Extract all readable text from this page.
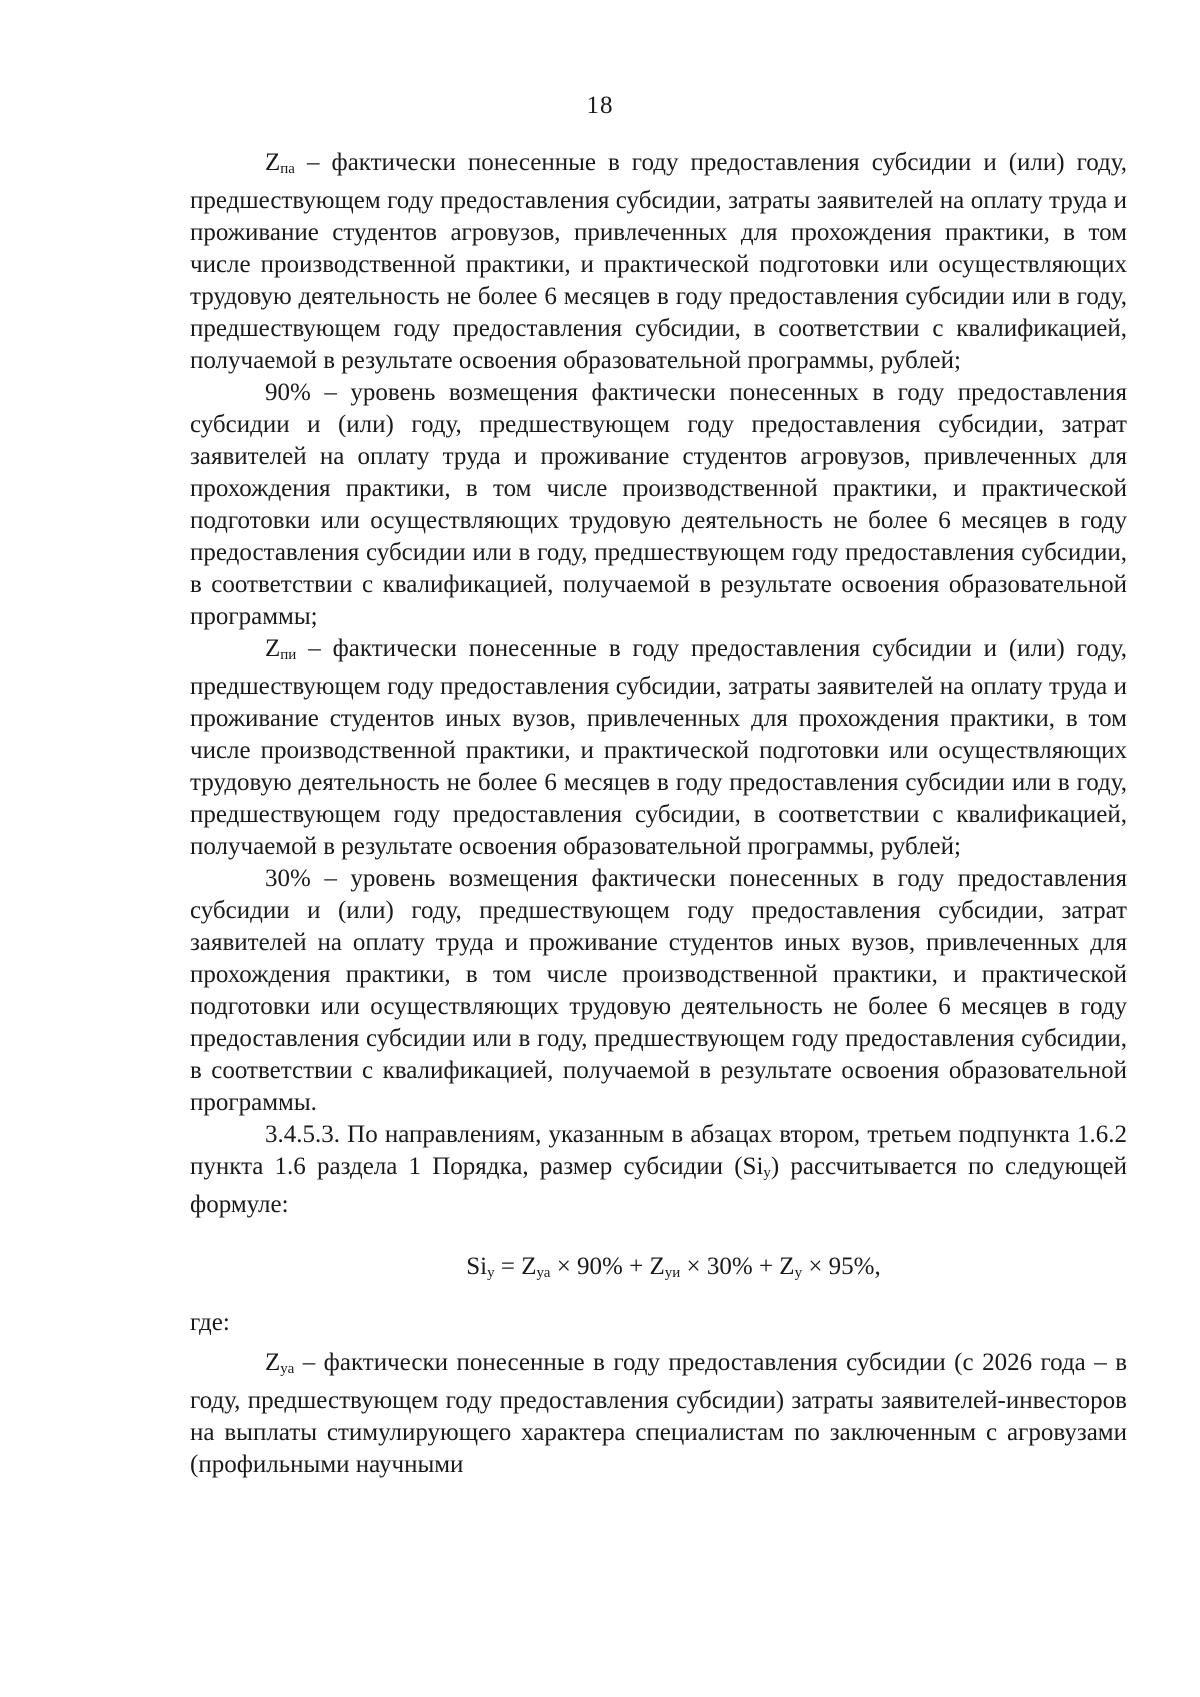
18

$Z_{па}$ – фактически понесенные в году предоставления субсидии и (или) году, предшествующем году предоставления субсидии, затраты заявителей на оплату труда и проживание студентов агровузов, привлеченных для прохождения практики, в том числе производственной практики, и практической подготовки или осуществляющих трудовую деятельность не более 6 месяцев в году предоставления субсидии или в году, предшествующем году предоставления субсидии, в соответствии с квалификацией, получаемой в результате освоения образовательной программы, рублей;

90% – уровень возмещения фактически понесенных в году предоставления субсидии и (или) году, предшествующем году предоставления субсидии, затрат заявителей на оплату труда и проживание студентов агровузов, привлеченных для прохождения практики, в том числе производственной практики, и практической подготовки или осуществляющих трудовую деятельность не более 6 месяцев в году предоставления субсидии или в году, предшествующем году предоставления субсидии, в соответствии с квалификацией, получаемой в результате освоения образовательной программы;

$Z_{пи}$ – фактически понесенные в году предоставления субсидии и (или) году, предшествующем году предоставления субсидии, затраты заявителей на оплату труда и проживание студентов иных вузов, привлеченных для прохождения практики, в том числе производственной практики, и практической подготовки или осуществляющих трудовую деятельность не более 6 месяцев в году предоставления субсидии или в году, предшествующем году предоставления субсидии, в соответствии с квалификацией, получаемой в результате освоения образовательной программы, рублей;

30% – уровень возмещения фактически понесенных в году предоставления субсидии и (или) году, предшествующем году предоставления субсидии, затрат заявителей на оплату труда и проживание студентов иных вузов, привлеченных для прохождения практики, в том числе производственной практики, и практической подготовки или осуществляющих трудовую деятельность не более 6 месяцев в году предоставления субсидии или в году, предшествующем году предоставления субсидии, в соответствии с квалификацией, получаемой в результате освоения образовательной программы.

3.4.5.3. По направлениям, указанным в абзацах втором, третьем подпункта 1.6.2 пункта 1.6 раздела 1 Порядка, размер субсидии $(Si_у)$ рассчитывается по следующей формуле:

$Si_у = Z_{уа} \times 90\% + Z_{уи} \times 30\% + Z_у \times 95\%$,

где:

$Z_{уа}$ – фактически понесенные в году предоставления субсидии (с 2026 года – в году, предшествующем году предоставления субсидии) затраты заявителей-инвесторов на выплаты стимулирующего характера специалистам по заключенным с агровузами (профильными научными
